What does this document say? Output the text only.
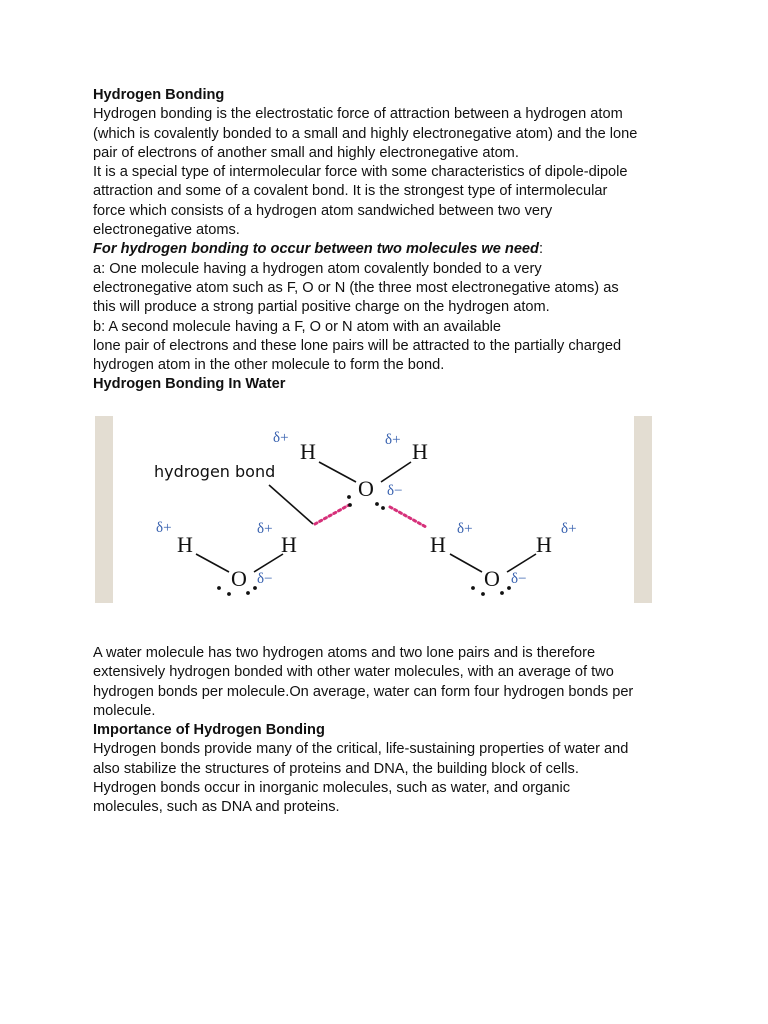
Hydrogen Bonding
Hydrogen bonding is the electrostatic force of attraction between a hydrogen atom
(which is covalently bonded to a small and highly electronegative atom) and the lone
pair of electrons of another small and highly electronegative atom.
It is a special type of intermolecular force with some characteristics of dipole-dipole
attraction and some of a covalent bond. It is the strongest type of intermolecular
force which consists of a hydrogen atom sandwiched between two very
electronegative atoms.
For hydrogen bonding to occur between two molecules we need:
a: One molecule having a hydrogen atom covalently bonded to a very
electronegative atom such as F, O or N (the three most electronegative atoms) as
this will produce a strong partial positive charge on the hydrogen atom.
b: A second molecule having a F, O or N atom with an available
lone pair of electrons and these lone pairs will be attracted to the partially charged
hydrogen atom in the other molecule to form the bond.
Hydrogen Bonding In Water
H	H
O
H	H
O
H	H
O
δ+	δ+
δ−
δ+	δ+
δ−
δ+	δ+
δ−
hydrogen bond
A water molecule has two hydrogen atoms and two lone pairs and is therefore
extensively hydrogen bonded with other water molecules, with an average of two
hydrogen bonds per molecule.On average, water can form four hydrogen bonds per
molecule.
Importance of Hydrogen Bonding
Hydrogen bonds provide many of the critical, life-sustaining properties of water and
also stabilize the structures of proteins and DNA, the building block of cells.
Hydrogen bonds occur in inorganic molecules, such as water, and organic
molecules, such as DNA and proteins.
